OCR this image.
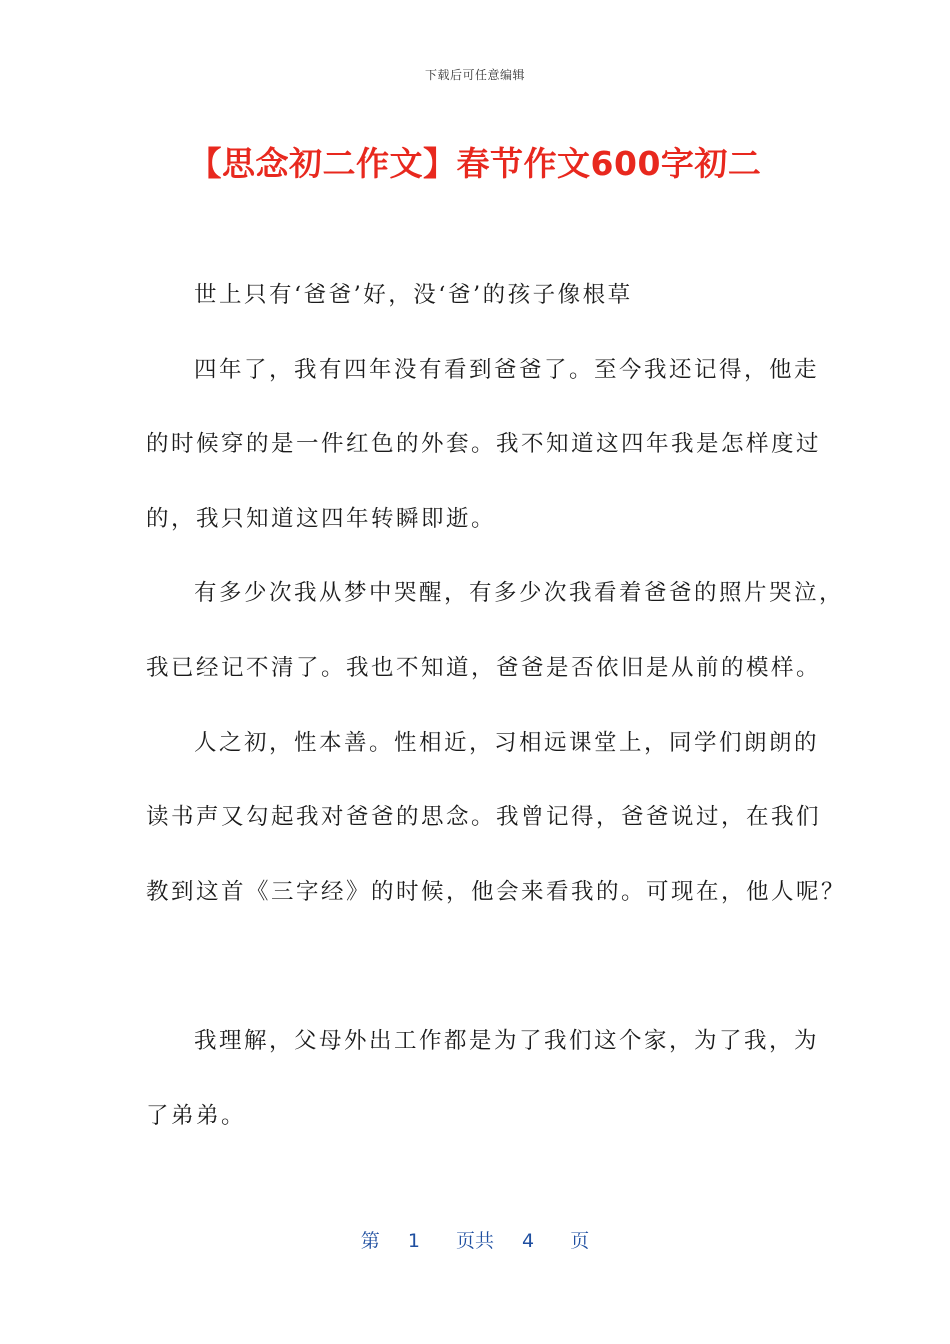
下载后可任意编辑
【思念初二作文】春节作文600字初二
世上只有‘爸爸’好，没‘爸’的孩子像根草
四年了，我有四年没有看到爸爸了。至今我还记得，他走
的时候穿的是一件红色的外套。我不知道这四年我是怎样度过
的，我只知道这四年转瞬即逝。
有多少次我从梦中哭醒，有多少次我看着爸爸的照片哭泣，
我已经记不清了。我也不知道，爸爸是否依旧是从前的模样。
人之初，性本善。性相近，习相远课堂上，同学们朗朗的
读书声又勾起我对爸爸的思念。我曾记得，爸爸说过，在我们
教到这首《三字经》的时候，他会来看我的。可现在，他人呢？
我理解，父母外出工作都是为了我们这个家，为了我，为
了弟弟。
第 1 页共 4 页
